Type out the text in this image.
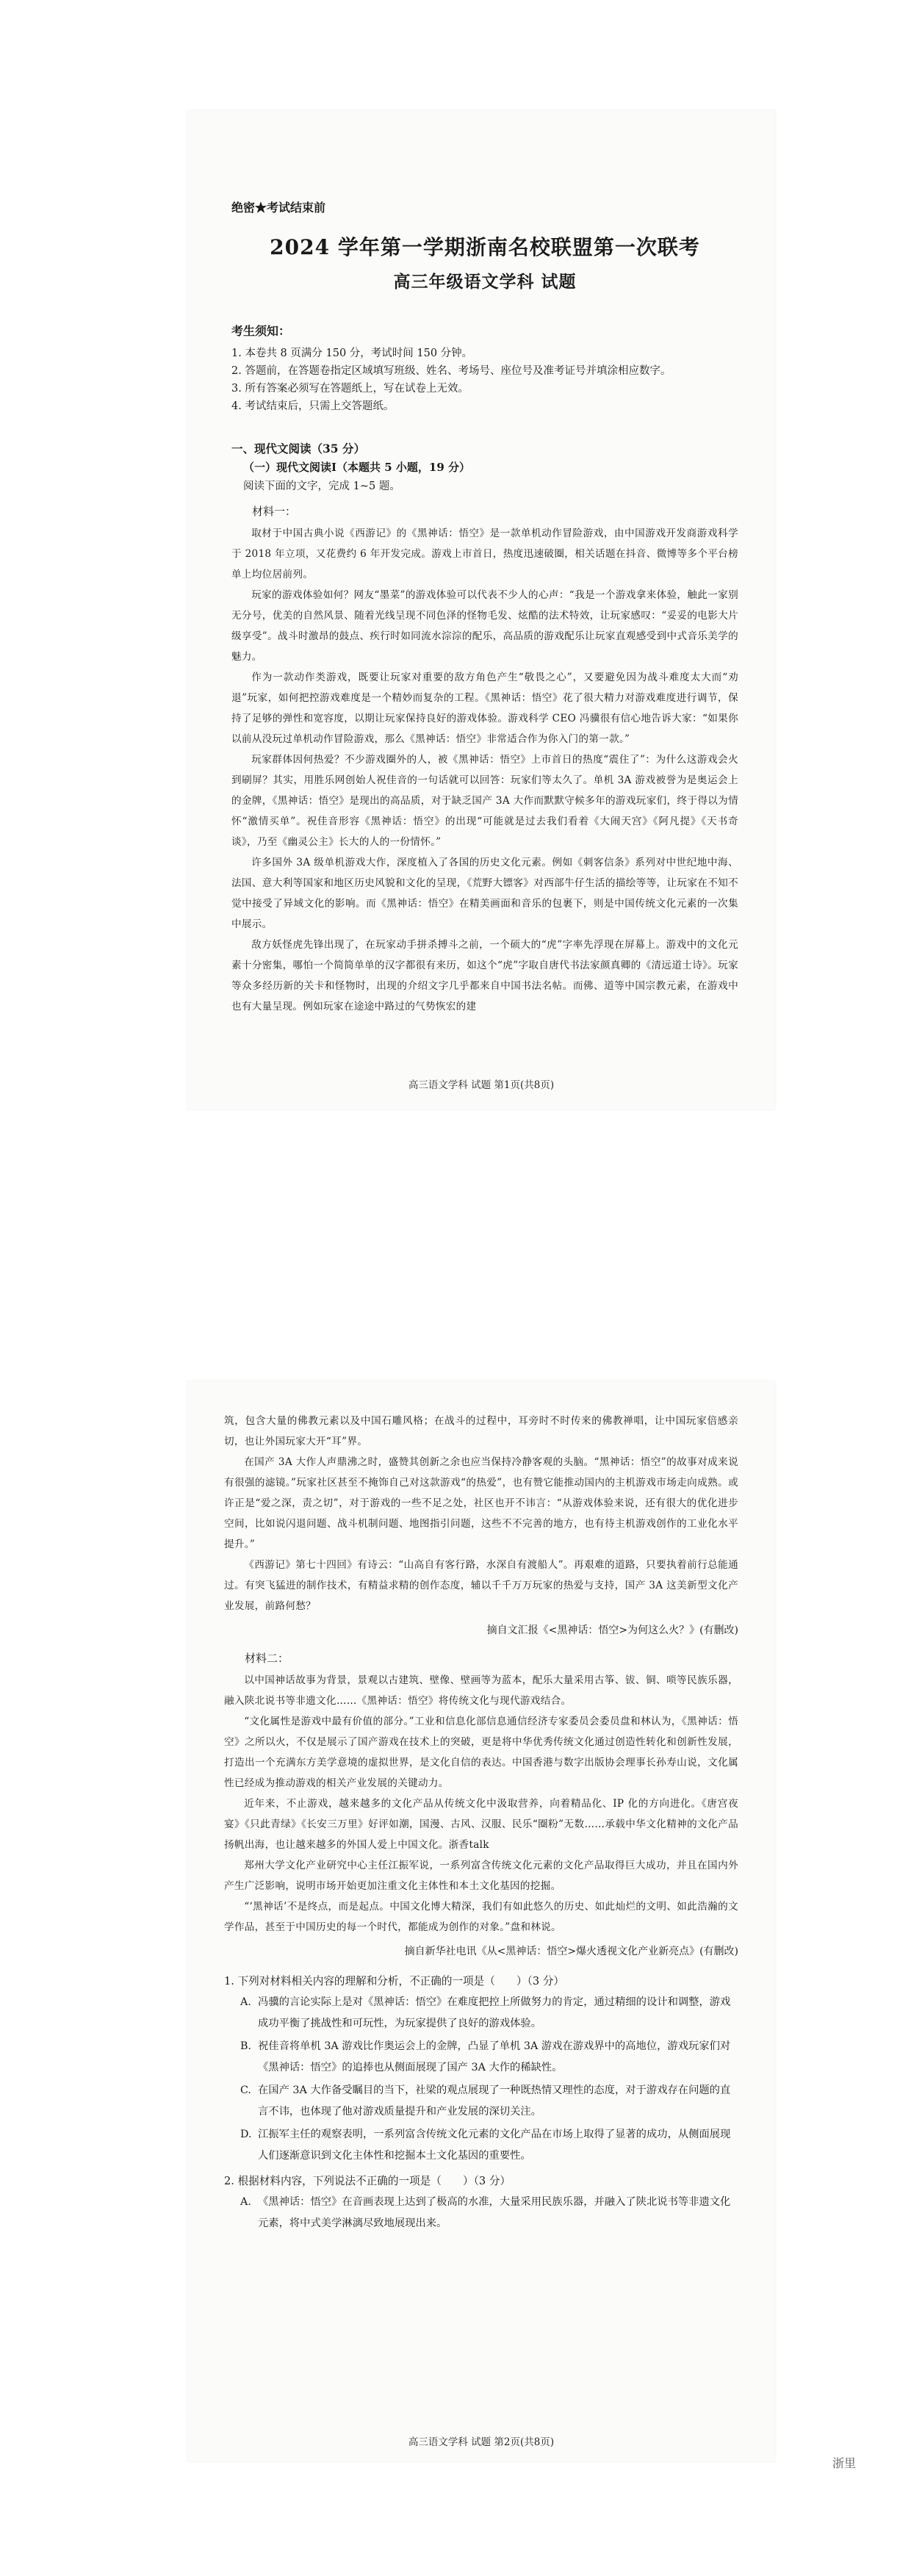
绝密★考试结束前

2024 学年第一学期浙南名校联盟第一次联考

高三年级语文学科 试题

考生须知：

1. 本卷共 8 页满分 150 分，考试时间 150 分钟。

2. 答题前，在答题卷指定区域填写班级、姓名、考场号、座位号及准考证号并填涂相应数字。

3. 所有答案必须写在答题纸上，写在试卷上无效。

4. 考试结束后，只需上交答题纸。

一、现代文阅读（35 分）

（一）现代文阅读Ⅰ（本题共 5 小题，19 分）

阅读下面的文字，完成 1~5 题。

材料一：

取材于中国古典小说《西游记》的《黑神话：悟空》是一款单机动作冒险游戏，由中国游戏开发商游戏科学于 2018 年立项，又花费约 6 年开发完成。游戏上市首日，热度迅速破圈，相关话题在抖音、微博等多个平台榜单上均位居前列。

玩家的游戏体验如何？网友“墨菜”的游戏体验可以代表不少人的心声：“我是一个游戏拿来体验，触此一家别无分号，优美的自然风景、随着光线呈现不同色泽的怪物毛发、炫酷的法术特效，让玩家感叹：“妥妥的电影大片级享受”。战斗时激昂的鼓点、疾行时如同流水淙淙的配乐，高品质的游戏配乐让玩家直观感受到中式音乐美学的魅力。

作为一款动作类游戏，既要让玩家对重要的敌方角色产生“敬畏之心”，又要避免因为战斗难度太大而“劝退”玩家，如何把控游戏难度是一个精妙而复杂的工程。《黑神话：悟空》花了很大精力对游戏难度进行调节，保持了足够的弹性和宽容度，以期让玩家保持良好的游戏体验。游戏科学 CEO 冯骥很有信心地告诉大家：“如果你以前从没玩过单机动作冒险游戏，那么《黑神话：悟空》非常适合作为你入门的第一款。”

玩家群体因何热爱？不少游戏圈外的人，被《黑神话：悟空》上市首日的热度“震住了”：为什么这游戏会火到刷屏？其实，用胜乐网创始人祝佳音的一句话就可以回答：玩家们等太久了。单机 3A 游戏被誉为是奥运会上的金牌，《黑神话：悟空》是现出的高品质，对于缺乏国产 3A 大作而默默守候多年的游戏玩家们，终于得以为情怀“激情买单”。祝佳音形容《黑神话：悟空》的出现“可能就是过去我们看着《大闹天宫》《阿凡提》《天书奇谈》，乃至《幽灵公主》长大的人的一份情怀。”

许多国外 3A 级单机游戏大作，深度植入了各国的历史文化元素。例如《刺客信条》系列对中世纪地中海、法国、意大利等国家和地区历史风貌和文化的呈现，《荒野大镖客》对西部牛仔生活的描绘等等，让玩家在不知不觉中接受了异域文化的影响。而《黑神话：悟空》在精美画面和音乐的包裹下，则是中国传统文化元素的一次集中展示。

敌方妖怪虎先锋出现了，在玩家动手拼杀搏斗之前，一个硕大的“虎”字率先浮现在屏幕上。游戏中的文化元素十分密集，哪怕一个简简单单的汉字都很有来历，如这个“虎”字取自唐代书法家颜真卿的《清远道士诗》。玩家等众多经历新的关卡和怪物时，出现的介绍文字几乎都来自中国书法名帖。而佛、道等中国宗教元素，在游戏中也有大量呈现。例如玩家在途途中路过的气势恢宏的建

高三语文学科 试题 第1页(共8页)

筑，包含大量的佛教元素以及中国石雕风格；在战斗的过程中，耳旁时不时传来的佛教禅唱，让中国玩家倍感亲切，也让外国玩家大开“耳”界。

在国产 3A 大作人声鼎沸之时，盛赞其创新之余也应当保持冷静客观的头脑。“黑神话：悟空”的故事对成来说有很强的滤镜。”玩家社区甚至不掩饰自己对这款游戏“的热爱”，也有赞它能推动国内的主机游戏市场走向成熟。或许正是“爱之深，责之切”，对于游戏的一些不足之处，社区也开不讳言：“从游戏体验来说，还有很大的优化进步空间，比如说闪退问题、战斗机制问题、地图指引问题，这些不不完善的地方，也有待主机游戏创作的工业化水平提升。”

《西游记》第七十四回》有诗云：“山高自有客行路，水深自有渡船人”。再艰难的道路，只要执着前行总能通过。有突飞猛进的制作技术，有精益求精的创作态度，辅以千千万万玩家的热爱与支持，国产 3A 这美新型文化产业发展，前路何愁？

摘自文汇报《<黑神话：悟空>为何这么火？》(有删改)

材料二：

以中国神话故事为背景，景观以古建筑、壁像、壁画等为蓝本，配乐大量采用古筝、钹、铜、唢等民族乐器，融入陕北说书等非遗文化……《黑神话：悟空》将传统文化与现代游戏结合。

“文化属性是游戏中最有价值的部分。”工业和信息化部信息通信经济专家委员会委员盘和林认为，《黑神话：悟空》之所以火，不仅是展示了国产游戏在技术上的突破，更是将中华优秀传统文化通过创造性转化和创新性发展，打造出一个充满东方美学意境的虚拟世界，是文化自信的表达。中国香港与数字出版协会理事长孙寿山说，文化属性已经成为推动游戏的相关产业发展的关键动力。

近年来，不止游戏，越来越多的文化产品从传统文化中汲取营养，向着精品化、IP 化的方向进化。《唐宫夜宴》《只此青绿》《长安三万里》好评如潮，国漫、古风、汉服、民乐“圈粉”无数……承载中华文化精神的文化产品扬帆出海，也让越来越多的外国人爱上中国文化。浙香talk

郑州大学文化产业研究中心主任江振军说，一系列富含传统文化元素的文化产品取得巨大成功，并且在国内外产生广泛影响，说明市场开始更加注重文化主体性和本土文化基因的挖掘。

“‘黑神话’不是终点，而是起点。中国文化博大精深，我们有如此悠久的历史、如此灿烂的文明、如此浩瀚的文学作品，甚至于中国历史的每一个时代，都能成为创作的对象。”盘和林说。

摘自新华社电讯《从<黑神话：悟空>爆火透视文化产业新亮点》(有删改)

1. 下列对材料相关内容的理解和分析，不正确的一项是（　　）（3 分）

A. 冯骥的言论实际上是对《黑神话：悟空》在难度把控上所做努力的肯定，通过精细的设计和调整，游戏成功平衡了挑战性和可玩性，为玩家提供了良好的游戏体验。

B. 祝佳音将单机 3A 游戏比作奥运会上的金牌，凸显了单机 3A 游戏在游戏界中的高地位，游戏玩家们对《黑神话：悟空》的追捧也从侧面展现了国产 3A 大作的稀缺性。

C. 在国产 3A 大作备受瞩目的当下，社梁的观点展现了一种既热情又理性的态度，对于游戏存在问题的直言不讳，也体现了他对游戏质量提升和产业发展的深切关注。

D. 江振军主任的观察表明，一系列富含传统文化元素的文化产品在市场上取得了显著的成功，从侧面展现人们逐渐意识到文化主体性和挖掘本土文化基因的重要性。

2. 根据材料内容，下列说法不正确的一项是（　　）（3 分）

A. 《黑神话：悟空》在音画表现上达到了极高的水准，大量采用民族乐器，并融入了陕北说书等非遗文化元素，将中式美学淋漓尽致地展现出来。

高三语文学科 试题 第2页(共8页)
浙里
